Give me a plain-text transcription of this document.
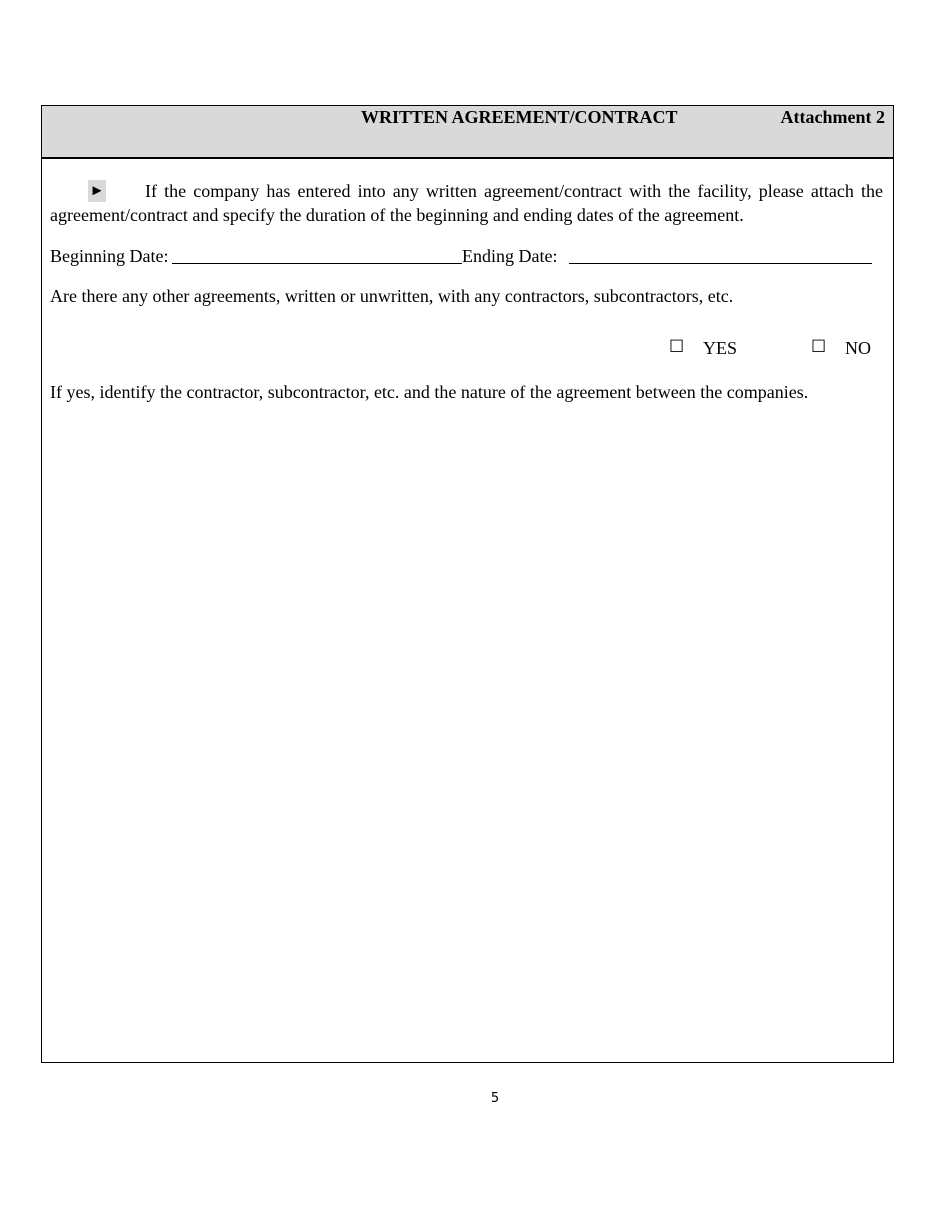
WRITTEN AGREEMENT/CONTRACT	Attachment 2
► If the company has entered into any written agreement/contract with the facility, please attach the
agreement/contract and specify the duration of the beginning and ending dates of the agreement.
Beginning Date:	Ending Date:
Are there any other agreements, written or unwritten, with any contractors, subcontractors, etc.
☐ YES	☐ NO
If yes, identify the contractor, subcontractor, etc. and the nature of the agreement between the companies.
5
